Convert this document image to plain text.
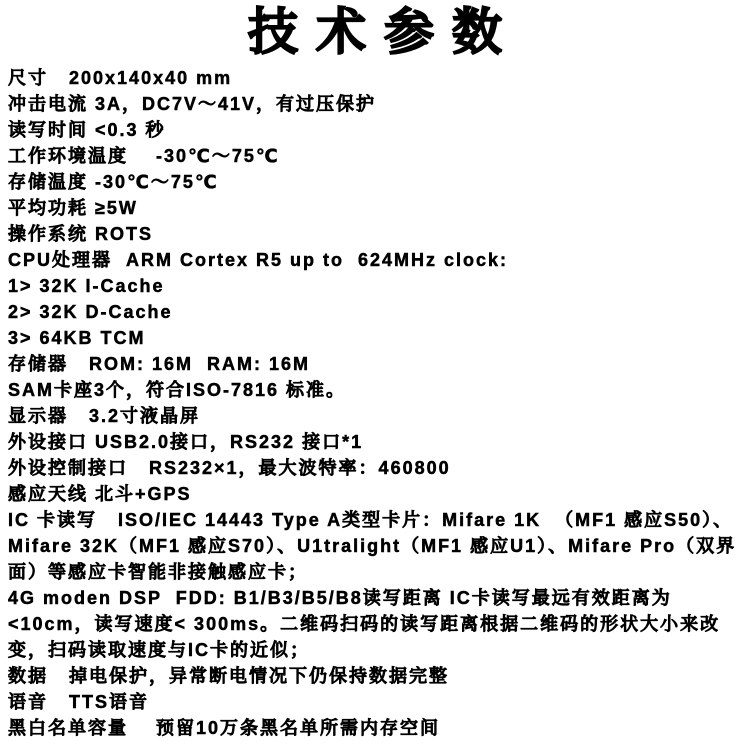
技术参数

尺寸   200x140x40 mm

冲击电流 3A，DC7V～41V，有过压保护

读写时间 <0.3 秒

工作环境温度    -30℃～75℃

存储温度 -30℃～75℃

平均功耗 ≥5W

操作系统 ROTS

CPU处理器  ARM Cortex R5 up to  624MHz clock:

1> 32K I-Cache

2> 32K D-Cache

3> 64KB TCM

存储器   ROM: 16M  RAM: 16M

SAM卡座3个，符合ISO-7816 标准。

显示器   3.2寸液晶屏

外设接口 USB2.0接口，RS232 接口*1

外设控制接口   RS232×1，最大波特率：460800

感应天线 北斗+GPS

IC 卡读写   ISO/IEC 14443 Type A类型卡片：Mifare 1K  （MF1 感应S50）、Mifare 32K（MF1 感应S70）、U1tralight（MF1 感应U1）、Mifare Pro（双界面）等感应卡智能非接触感应卡；

4G moden DSP  FDD: B1/B3/B5/B8读写距离 IC卡读写最远有效距离为<10cm，读写速度< 300ms。二维码扫码的读写距离根据二维码的形状大小来改变，扫码读取速度与IC卡的近似；

数据   掉电保护，异常断电情况下仍保持数据完整

语音   TTS语音

黑白名单容量    预留10万条黑名单所需内存空间
